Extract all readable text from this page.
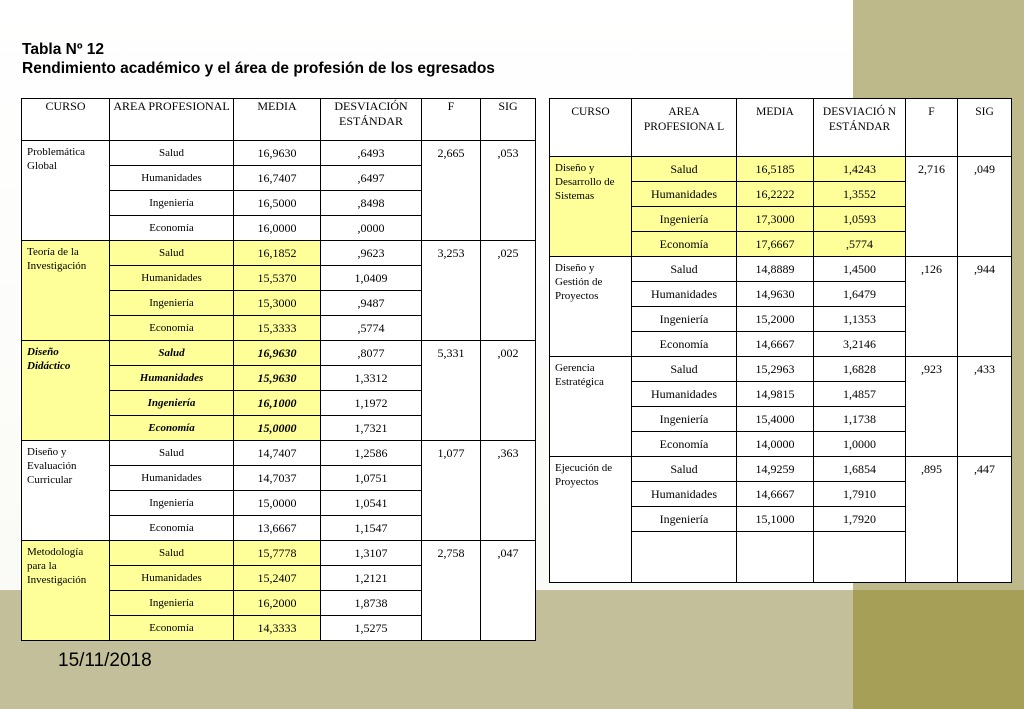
Tabla Nº 12
Rendimiento académico y el área de profesión de los egresados
CURSO	AREA PROFESIONAL	MEDIA	DESVIACIÓN ESTÁNDAR	F	SIG
Problemática Global	Salud	16,9630	,6493	2,665	,053
	Humanidades	16,7407	,6497		
	Ingeniería	16,5000	,8498		
	Economía	16,0000	,0000		
Teoría de la Investigación	Salud	16,1852	,9623	3,253	,025
	Humanidades	15,5370	1,0409		
	Ingeniería	15,3000	,9487		
	Economía	15,3333	,5774		
Diseño Didáctico	Salud	16,9630	,8077	5,331	,002
	Humanidades	15,9630	1,3312		
	Ingeniería	16,1000	1,1972		
	Economía	15,0000	1,7321		
Diseño y Evaluación Curricular	Salud	14,7407	1,2586	1,077	,363
	Humanidades	14,7037	1,0751		
	Ingeniería	15,0000	1,0541		
	Economía	13,6667	1,1547		
Metodología para la Investigación	Salud	15,7778	1,3107	2,758	,047
	Humanidades	15,2407	1,2121		
	Ingeniería	16,2000	1,8738		
	Economía	14,3333	1,5275		
CURSO	AREA PROFESIONA L	MEDIA	DESVIACIÓ N ESTÁNDAR	F	SIG
Diseño y Desarrollo de Sistemas	Salud	16,5185	1,4243	2,716	,049
	Humanidades	16,2222	1,3552		
	Ingeniería	17,3000	1,0593		
	Economía	17,6667	,5774		
Diseño y Gestión de Proyectos	Salud	14,8889	1,4500	,126	,944
	Humanidades	14,9630	1,6479		
	Ingeniería	15,2000	1,1353		
	Economía	14,6667	3,2146		
Gerencia Estratégica	Salud	15,2963	1,6828	,923	,433
	Humanidades	14,9815	1,4857		
	Ingeniería	15,4000	1,1738		
	Economía	14,0000	1,0000		
Ejecución de Proyectos	Salud	14,9259	1,6854	,895	,447
	Humanidades	14,6667	1,7910		
	Ingeniería	15,1000	1,7920		

15/11/2018
